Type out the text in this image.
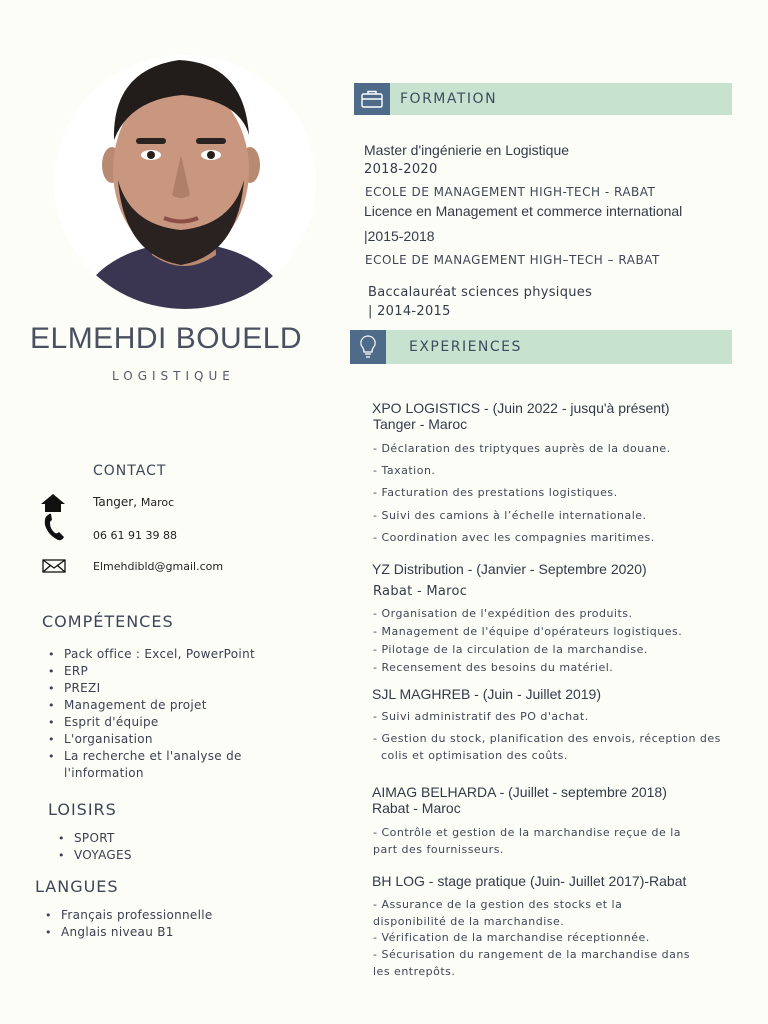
ELMEHDI BOUELD
LOGISTIQUE
CONTACT
Tanger, Maroc
06 61 91 39 88
Elmehdibld@gmail.com
COMPÉTENCES
• Pack office : Excel, PowerPoint
• ERP
• PREZI
• Management de projet
• Esprit d'équipe
• L'organisation
• La recherche et l'analyse de
l'information
LOISIRS
• SPORT
• VOYAGES
LANGUES
• Français professionnelle
• Anglais niveau B1
FORMATION
Master d'ingénierie en Logistique
2018-2020
ECOLE DE MANAGEMENT HIGH-TECH - RABAT
Licence en Management et commerce international
|2015-2018
ECOLE DE MANAGEMENT HIGH–TECH – RABAT
Baccalauréat sciences physiques
| 2014-2015
EXPERIENCES
XPO LOGISTICS - (Juin 2022 - jusqu'à présent)
Tanger - Maroc
- Déclaration des triptyques auprès de la douane.
- Taxation.
- Facturation des prestations logistiques.
- Suivi des camions à l’échelle internationale.
- Coordination avec les compagnies maritimes.
YZ Distribution - (Janvier - Septembre 2020)
Rabat - Maroc
- Organisation de l'expédition des produits.
- Management de l'équipe d'opérateurs logistiques.
- Pilotage de la circulation de la marchandise.
- Recensement des besoins du matériel.
SJL MAGHREB - (Juin - Juillet 2019)
- Suivi administratif des PO d'achat.
- Gestion du stock, planification des envois, réception des
colis et optimisation des coûts.
AIMAG BELHARDA - (Juillet - septembre 2018)
Rabat - Maroc
- Contrôle et gestion de la marchandise reçue de la
part des fournisseurs.
BH LOG - stage pratique (Juin- Juillet 2017)-Rabat
- Assurance de la gestion des stocks et la
disponibilité de la marchandise.
- Vérification de la marchandise réceptionnée.
- Sécurisation du rangement de la marchandise dans
les entrepôts.
